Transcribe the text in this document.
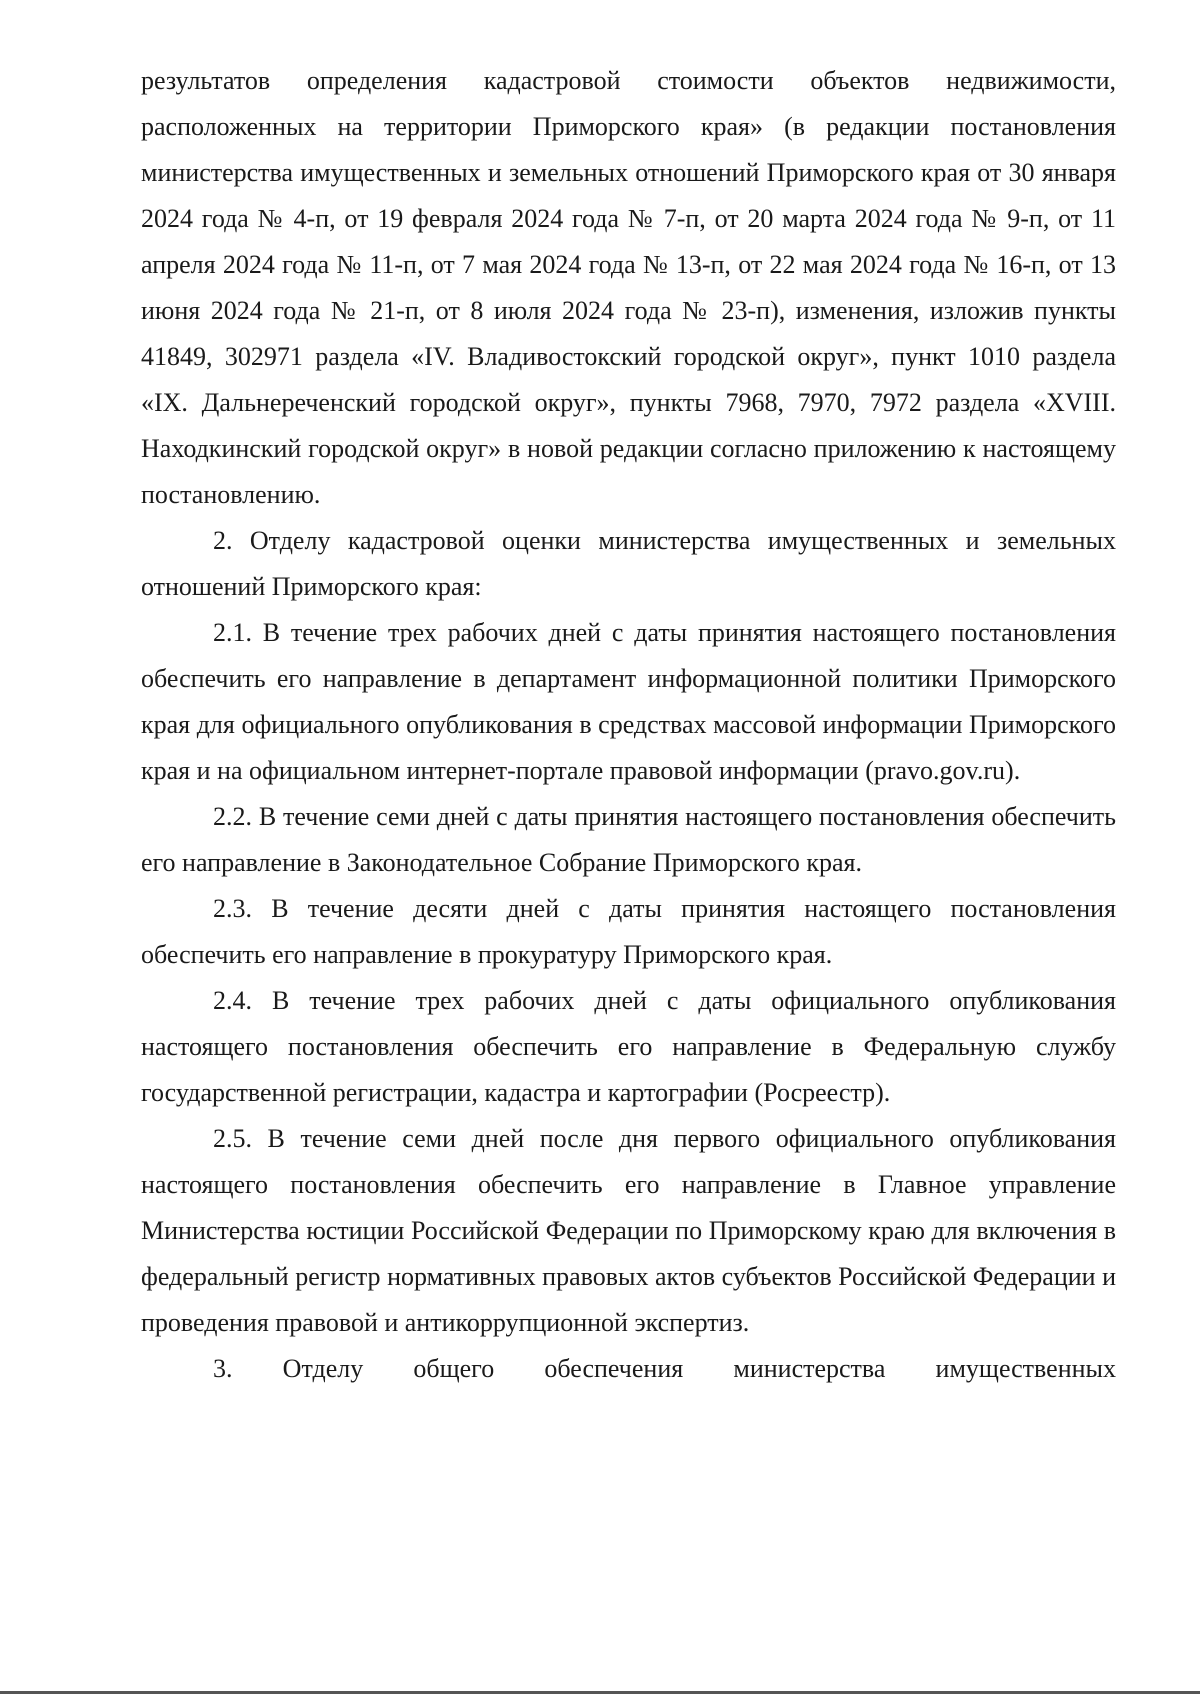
результатов определения кадастровой стоимости объектов недвижимости, расположенных на территории Приморского края» (в редакции постановления министерства имущественных и земельных отношений Приморского края от 30 января 2024 года № 4-п, от 19 февраля 2024 года № 7-п, от 20 марта 2024 года № 9-п, от 11 апреля 2024 года № 11-п, от 7 мая 2024 года № 13-п, от 22 мая 2024 года № 16-п, от 13 июня 2024 года № 21-п, от 8 июля 2024 года № 23-п), изменения, изложив пункты 41849, 302971 раздела «IV. Владивостокский городской округ», пункт 1010 раздела «IX. Дальнереченский городской округ», пункты 7968, 7970, 7972 раздела «XVIII. Находкинский городской округ» в новой редакции согласно приложению к настоящему постановлению.

2. Отделу кадастровой оценки министерства имущественных и земельных отношений Приморского края:

2.1. В течение трех рабочих дней с даты принятия настоящего постановления обеспечить его направление в департамент информационной политики Приморского края для официального опубликования в средствах массовой информации Приморского края и на официальном интернет-портале правовой информации (pravo.gov.ru).

2.2. В течение семи дней с даты принятия настоящего постановления обеспечить его направление в Законодательное Собрание Приморского края.

2.3. В течение десяти дней с даты принятия настоящего постановления обеспечить его направление в прокуратуру Приморского края.

2.4. В течение трех рабочих дней с даты официального опубликования настоящего постановления обеспечить его направление в Федеральную службу государственной регистрации, кадастра и картографии (Росреестр).

2.5. В течение семи дней после дня первого официального опубликования настоящего постановления обеспечить его направление в Главное управление Министерства юстиции Российской Федерации по Приморскому краю для включения в федеральный регистр нормативных правовых актов субъектов Российской Федерации и проведения правовой и антикоррупционной экспертиз.

3. Отделу общего обеспечения министерства имущественных
